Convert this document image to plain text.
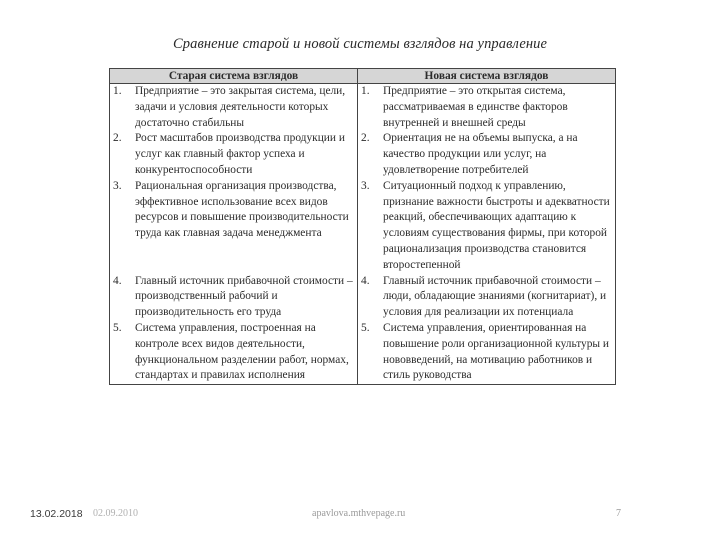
Сравнение старой и новой системы взглядов на управление
Старая система взглядов	Новая система взглядов

1. Предприятие – это закрытая система, цели, задачи и условия деятельности которых достаточно стабильны	1. Предприятие – это открытая система, рассматриваемая в единстве факторов внутренней и внешней среды

2. Рост масштабов производства продукции и услуг как главный фактор успеха и конкурентоспособности	2. Ориентация не на объемы выпуска, а на качество продукции или услуг, на удовлетворение потребителей

3. Рациональная организация производства, эффективное использование всех видов ресурсов и повышение производительности труда как главная задача менеджмента	3. Ситуационный подход к управлению, признание важности быстроты и адекватности реакций, обеспечивающих адаптацию к условиям существования фирмы, при которой рационализация производства становится второстепенной

4. Главный источник прибавочной стоимости – производственный рабочий и производительность его труда	4. Главный источник прибавочной стоимости – люди, обладающие знаниями (когнитариат), и условия для реализации их потенциала

5. Система управления, построенная на контроле всех видов деятельности, функциональном разделении работ, нормах, стандартах и правилах исполнения	5. Система управления, ориентированная на повышение роли организационной культуры и нововведений, на мотивацию работников и стиль руководства
02.09.2010
13.02.2018	apavlova.mthvepage.ru	7
